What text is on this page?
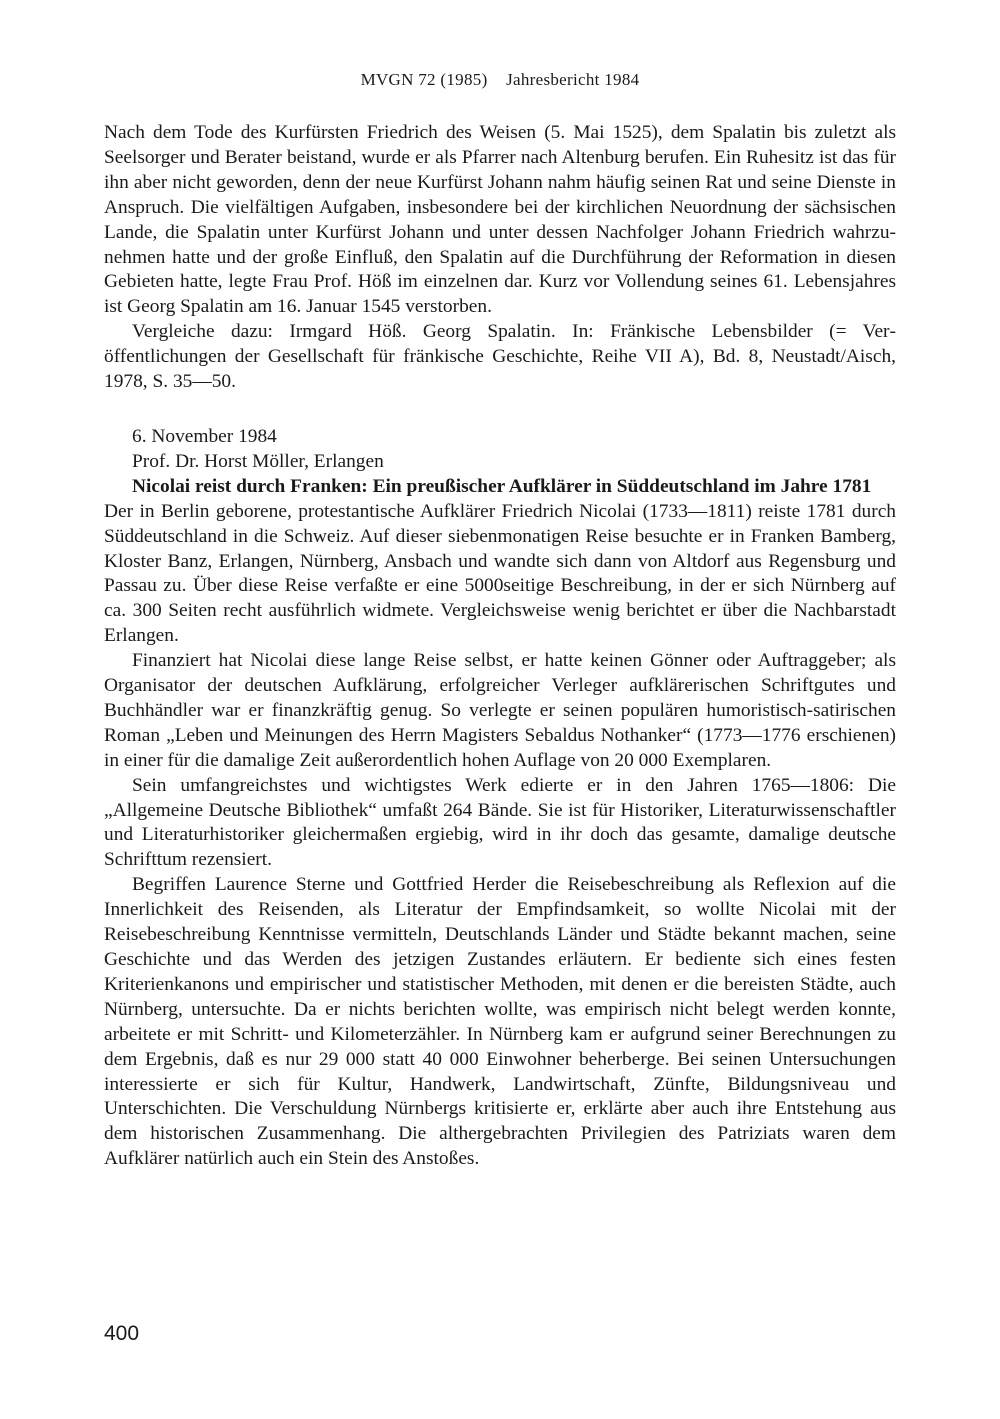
MVGN 72 (1985) Jahresbericht 1984

Nach dem Tode des Kurfürsten Friedrich des Weisen (5. Mai 1525), dem Spalatin bis zuletzt als Seelsorger und Berater beistand, wurde er als Pfarrer nach Altenburg berufen. Ein Ruhesitz ist das für ihn aber nicht geworden, denn der neue Kurfürst Johann nahm häufig seinen Rat und seine Dienste in Anspruch. Die vielfältigen Aufgaben, insbesondere bei der kirchlichen Neuordnung der sächsischen Lande, die Spalatin unter Kurfürst Johann und unter dessen Nachfolger Johann Friedrich wahrzunehmen hatte und der große Einfluß, den Spalatin auf die Durchführung der Reformation in diesen Gebieten hatte, legte Frau Prof. Höß im einzelnen dar. Kurz vor Vollendung seines 61. Lebensjahres ist Georg Spalatin am 16. Januar 1545 verstorben.

Vergleiche dazu: Irmgard Höß. Georg Spalatin. In: Fränkische Lebensbilder (= Veröffentlichungen der Gesellschaft für fränkische Geschichte, Reihe VII A), Bd. 8, Neustadt/Aisch, 1978, S. 35—50.

6. November 1984

Prof. Dr. Horst Möller, Erlangen

Nicolai reist durch Franken: Ein preußischer Aufklärer in Süddeutschland im Jahre 1781

Der in Berlin geborene, protestantische Aufklärer Friedrich Nicolai (1733—1811) reiste 1781 durch Süddeutschland in die Schweiz. Auf dieser siebenmonatigen Reise besuchte er in Franken Bamberg, Kloster Banz, Erlangen, Nürnberg, Ansbach und wandte sich dann von Altdorf aus Regensburg und Passau zu. Über diese Reise verfaßte er eine 5000seitige Beschreibung, in der er sich Nürnberg auf ca. 300 Seiten recht ausführlich widmete. Vergleichsweise wenig berichtet er über die Nachbarstadt Erlangen.

Finanziert hat Nicolai diese lange Reise selbst, er hatte keinen Gönner oder Auftraggeber; als Organisator der deutschen Aufklärung, erfolgreicher Verleger aufklärerischen Schriftgutes und Buchhändler war er finanzkräftig genug. So verlegte er seinen populären humoristisch-satirischen Roman „Leben und Meinungen des Herrn Magisters Sebaldus Nothanker“ (1773—1776 erschienen) in einer für die damalige Zeit außerordentlich hohen Auflage von 20 000 Exemplaren.

Sein umfangreichstes und wichtigstes Werk edierte er in den Jahren 1765—1806: Die „Allgemeine Deutsche Bibliothek“ umfaßt 264 Bände. Sie ist für Historiker, Literaturwissenschaftler und Literaturhistoriker gleichermaßen ergiebig, wird in ihr doch das gesamte, damalige deutsche Schrifttum rezensiert.

Begriffen Laurence Sterne und Gottfried Herder die Reisebeschreibung als Reflexion auf die Innerlichkeit des Reisenden, als Literatur der Empfindsamkeit, so wollte Nicolai mit der Reisebeschreibung Kenntnisse vermitteln, Deutschlands Länder und Städte bekannt machen, seine Geschichte und das Werden des jetzigen Zustandes erläutern. Er bediente sich eines festen Kriterienkanons und empirischer und statistischer Methoden, mit denen er die bereisten Städte, auch Nürnberg, untersuchte. Da er nichts berichten wollte, was empirisch nicht belegt werden konnte, arbeitete er mit Schritt- und Kilometerzähler. In Nürnberg kam er aufgrund seiner Berechnungen zu dem Ergebnis, daß es nur 29 000 statt 40 000 Einwohner beherberge. Bei seinen Untersuchungen interessierte er sich für Kultur, Handwerk, Landwirtschaft, Zünfte, Bildungsniveau und Unterschichten. Die Verschuldung Nürnbergs kritisierte er, erklärte aber auch ihre Entstehung aus dem historischen Zusammenhang. Die althergebrachten Privilegien des Patriziats waren dem Aufklärer natürlich auch ein Stein des Anstoßes.

400
